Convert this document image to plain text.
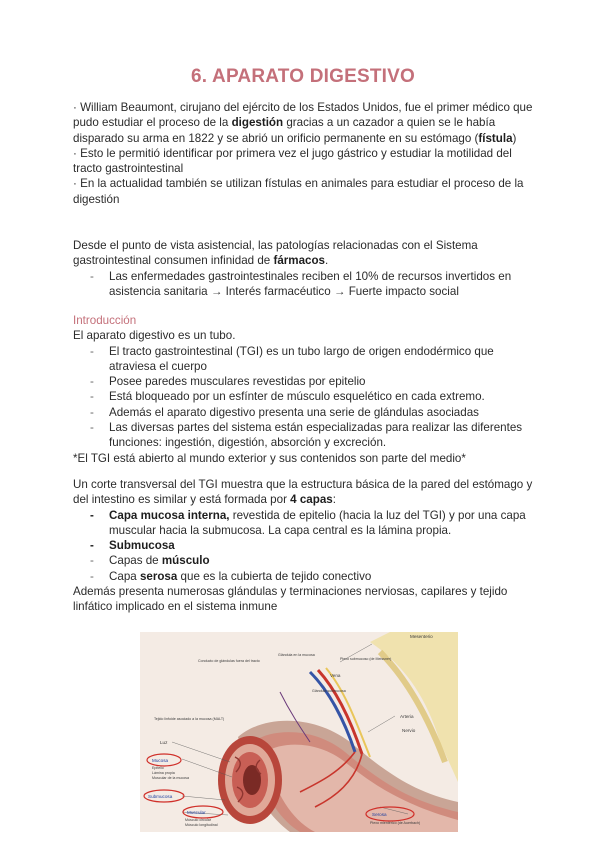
6. APARATO DIGESTIVO

· William Beaumont, cirujano del ejército de los Estados Unidos, fue el primer médico que pudo estudiar el proceso de la digestión gracias a un cazador a quien se le había disparado su arma en 1822 y se abrió un orificio permanente en su estómago (fístula)

· Esto le permitió identificar por primera vez el jugo gástrico y estudiar la motilidad del tracto gastrointestinal

· En la actualidad también se utilizan fístulas en animales para estudiar el proceso de la digestión

Desde el punto de vista asistencial, las patologías relacionadas con el Sistema gastrointestinal consumen infinidad de fármacos.

- Las enfermedades gastrointestinales reciben el 10% de recursos invertidos en asistencia sanitaria → Interés farmacéutico → Fuerte impacto social

Introducción

El aparato digestivo es un tubo.

- El tracto gastrointestinal (TGI) es un tubo largo de origen endodérmico que atraviesa el cuerpo

- Posee paredes musculares revestidas por epitelio

- Está bloqueado por un esfínter de músculo esquelético en cada extremo.

- Además el aparato digestivo presenta una serie de glándulas asociadas

- Las diversas partes del sistema están especializadas para realizar las diferentes funciones: ingestión, digestión, absorción y excreción.

*El TGI está abierto al mundo exterior y sus contenidos son parte del medio*

Un corte transversal del TGI muestra que la estructura básica de la pared del estómago y del intestino es similar y está formada por 4 capas:

- Capa mucosa interna, revestida de epitelio (hacia la luz del TGI) y por una capa muscular hacia la submucosa. La capa central es la lámina propia.

- Submucosa

- Capas de músculo

- Capa serosa que es la cubierta de tejido conectivo

Además presenta numerosas glándulas y terminaciones nerviosas, capilares y tejido linfático implicado en el sistema inmune

Luz
Mucosa
Epitelio
Lámina propia
Muscular de la mucosa
Submucosa
Muscular
Músculo circular
Músculo longitudinal
Serosa
Plexo mientérico (de Auerbach)
Mesenterio
Plexo submucoso (de Meissner)
Vena
Arteria
Nervio
Glándula en la mucosa
Glándula submucosa
Conducto de glándulas fuera del tracto
Tejido linfoide asociado a la mucosa (MALT)
